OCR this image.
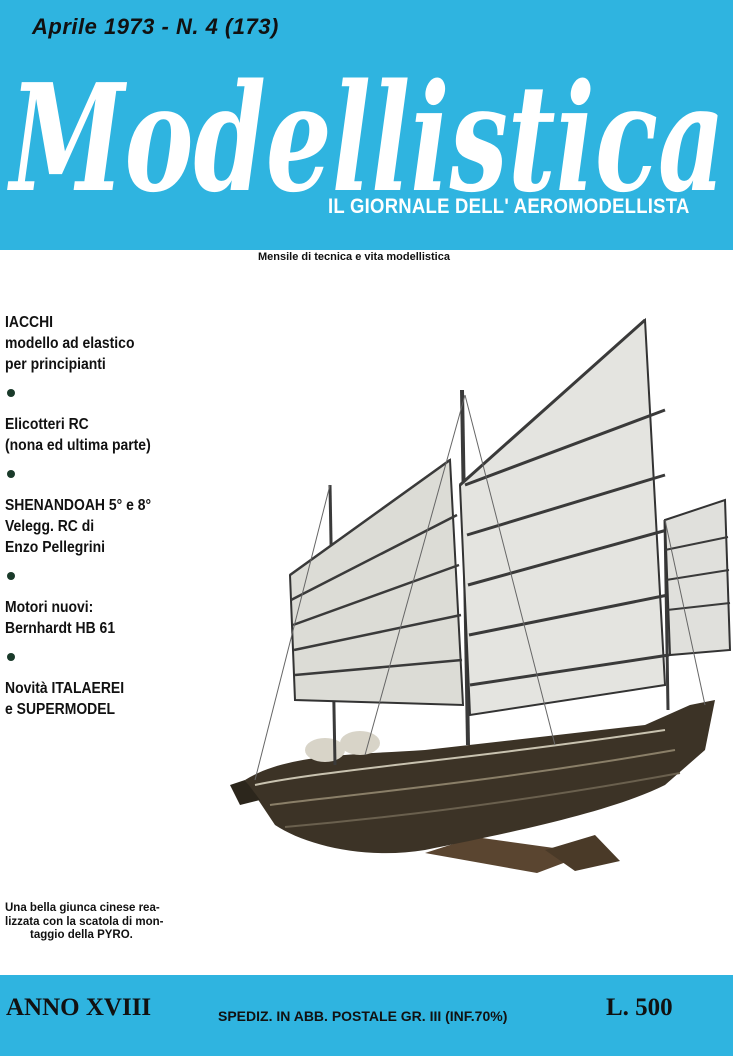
Aprile 1973 - N. 4 (173)
Modellistica
IL GIORNALE DELL' AEROMODELLISTA
Mensile di tecnica e vita modellistica
IACCHI
modello ad elastico
per principianti
Elicotteri RC
(nona ed ultima parte)
SHENANDOAH 5° e 8°
Velegg. RC di
Enzo Pellegrini
Motori nuovi:
Bernhardt HB 61
Novità ITALAEREI
e SUPERMODEL
Una bella giunca cinese rea-
lizzata con la scatola di mon-
taggio della PYRO.
ANNO XVIII	SPEDIZ. IN ABB. POSTALE GR. III (INF.70%)	L. 500
